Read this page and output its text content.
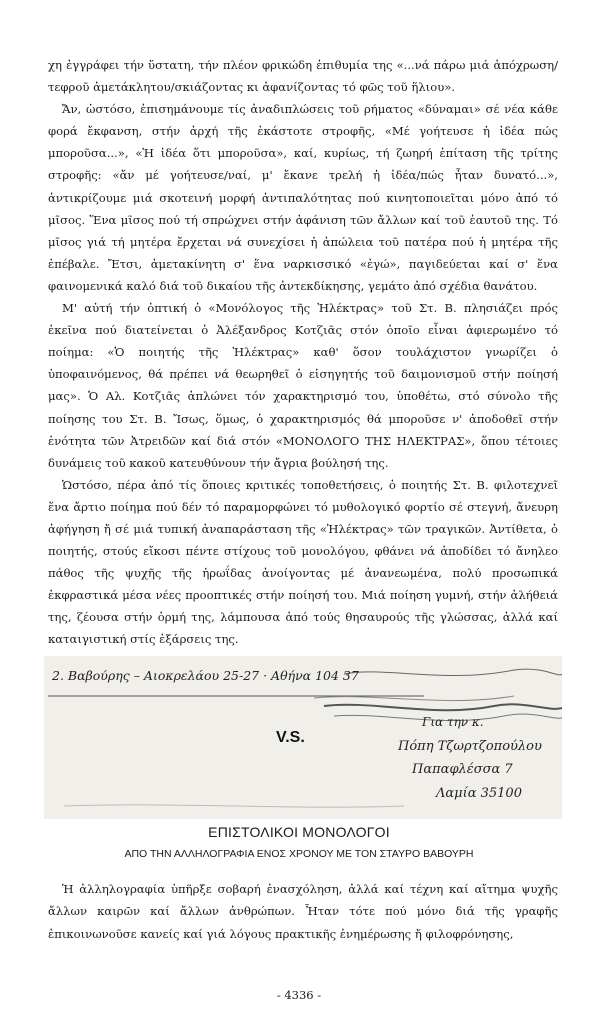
χη ἐγγράφει τήν ὕστατη, τήν πλέον φρικώδη ἐπιθυμία της «...νά πάρω μιά ἀπόχρωση/τεφροῦ ἀμετάκλητου/σκιάζοντας κι ἀφανίζοντας τό φῶς τοῦ ἥλιου».

Ἄν, ὡστόσο, ἐπισημάνουμε τίς ἀναδιπλώσεις τοῦ ρήματος «δύναμαι» σέ νέα κάθε φορά ἔκφανση, στήν ἀρχή τῆς ἑκάστοτε στροφῆς, «Μέ γοήτευσε ἡ ἰδέα πώς μποροῦσα...», «Ἡ ἰδέα ὅτι μποροῦσα», καί, κυρίως, τή ζωηρή ἐπίταση τῆς τρίτης στροφῆς: «ἄν μέ γοήτευσε/ναί, μ' ἔκανε τρελή ἡ ἰδέα/πώς ἦταν δυνατό...», ἀντικρίζουμε μιά σκοτεινή μορφή ἀντιπαλότητας πού κινητοποιεῖται μόνο ἀπό τό μῖσος. Ἕνα μῖσος πού τή σπρώχνει στήν ἀφάνιση τῶν ἄλλων καί τοῦ ἑαυτοῦ της. Τό μῖσος γιά τή μητέρα ἔρχεται νά συνεχίσει ἡ ἀπώλεια τοῦ πατέρα πού ἡ μητέρα τῆς ἐπέβαλε. Ἔτσι, ἀμετακίνητη σ' ἕνα ναρκισσικό «ἐγώ», παγιδεύεται καί σ' ἕνα φαινομενικά καλό διά τοῦ δικαίου τῆς ἀντεκδίκησης, γεμάτο ἀπό σχέδια θανάτου.

Μ' αὐτή τήν ὀπτική ὁ «Μονόλογος τῆς Ἠλέκτρας» τοῦ Στ. Β. πλησιάζει πρός ἐκεῖνα πού διατείνεται ὁ Ἀλέξανδρος Κοτζιᾶς στόν ὁποῖο εἶναι ἀφιερωμένο τό ποίημα: «Ὁ ποιητής τῆς Ἠλέκτρας» καθ' ὅσον τουλάχιστον γνωρίζει ὁ ὑποφαινόμενος, θά πρέπει νά θεωρηθεῖ ὁ εἰσηγητής τοῦ δαιμονισμοῦ στήν ποίησή μας». Ὁ Αλ. Κοτζιᾶς ἁπλώνει τόν χαρακτηρισμό του, ὑποθέτω, στό σύνολο τῆς ποίησης του Στ. Β. Ἴσως, ὅμως, ὁ χαρακτηρισμός θά μποροῦσε ν' ἀποδοθεῖ στήν ἑνότητα τῶν Ἀτρειδῶν καί διά στόν «ΜΟΝΟΛΟΓΟ ΤΗΣ ΗΛΕΚΤΡΑΣ», ὅπου τέτοιες δυνάμεις τοῦ κακοῦ κατευθύνουν τήν ἄγρια βούλησή της.

Ὡστόσο, πέρα ἀπό τίς ὅποιες κριτικές τοποθετήσεις, ὁ ποιητής Στ. Β. φιλοτεχνεῖ ἕνα ἄρτιο ποίημα πού δέν τό παραμορφώνει τό μυθολογικό φορτίο σέ στεγνή, ἄνευρη ἀφήγηση ἤ σέ μιά τυπική ἀναπαράσταση τῆς «Ἠλέκτρας» τῶν τραγικῶν. Ἀντίθετα, ὁ ποιητής, στούς εἴκοσι πέντε στίχους τοῦ μονολόγου, φθάνει νά ἀποδίδει τό ἄνηλεο πάθος τῆς ψυχῆς τῆς ἡρωΐδας ἀνοίγοντας μέ ἀνανεωμένα, πολύ προσωπικά ἐκφραστικά μέσα νέες προοπτικές στήν ποίησή του. Μιά ποίηση γυμνή, στήν ἀλήθειά της, ζέουσα στήν ὁρμή της, λάμπουσα ἀπό τούς θησαυρούς τῆς γλώσσας, ἀλλά καί καταιγιστική στίς ἐξάρσεις της.

2. Βαβούρης – Αιοκρελάου 25-27 · Αθήνα 104 37
V.S.
Για την κ.
Πόπη Τζωρτζοπούλου
Παπαφλέσσα 7
Λαμία 35100
ΕΠΙΣΤΟΛΙΚΟΙ ΜΟΝΟΛΟΓΟΙ
ΑΠΟ ΤΗΝ ΑΛΛΗΛΟΓΡΑΦΙΑ ΕΝΟΣ ΧΡΟΝΟΥ ΜΕ ΤΟΝ ΣΤΑΥΡΟ ΒΑΒΟΥΡΗ

Ἡ ἀλληλογραφία ὑπῆρξε σοβαρή ἐνασχόληση, ἀλλά καί τέχνη καί αἴτημα ψυχῆς ἄλλων καιρῶν καί ἄλλων ἀνθρώπων. Ἦταν τότε πού μόνο διά τῆς γραφῆς ἐπικοινωνοῦσε κανείς καί γιά λόγους πρακτικῆς ἐνημέρωσης ἤ φιλοφρόνησης,

- 4336 -
